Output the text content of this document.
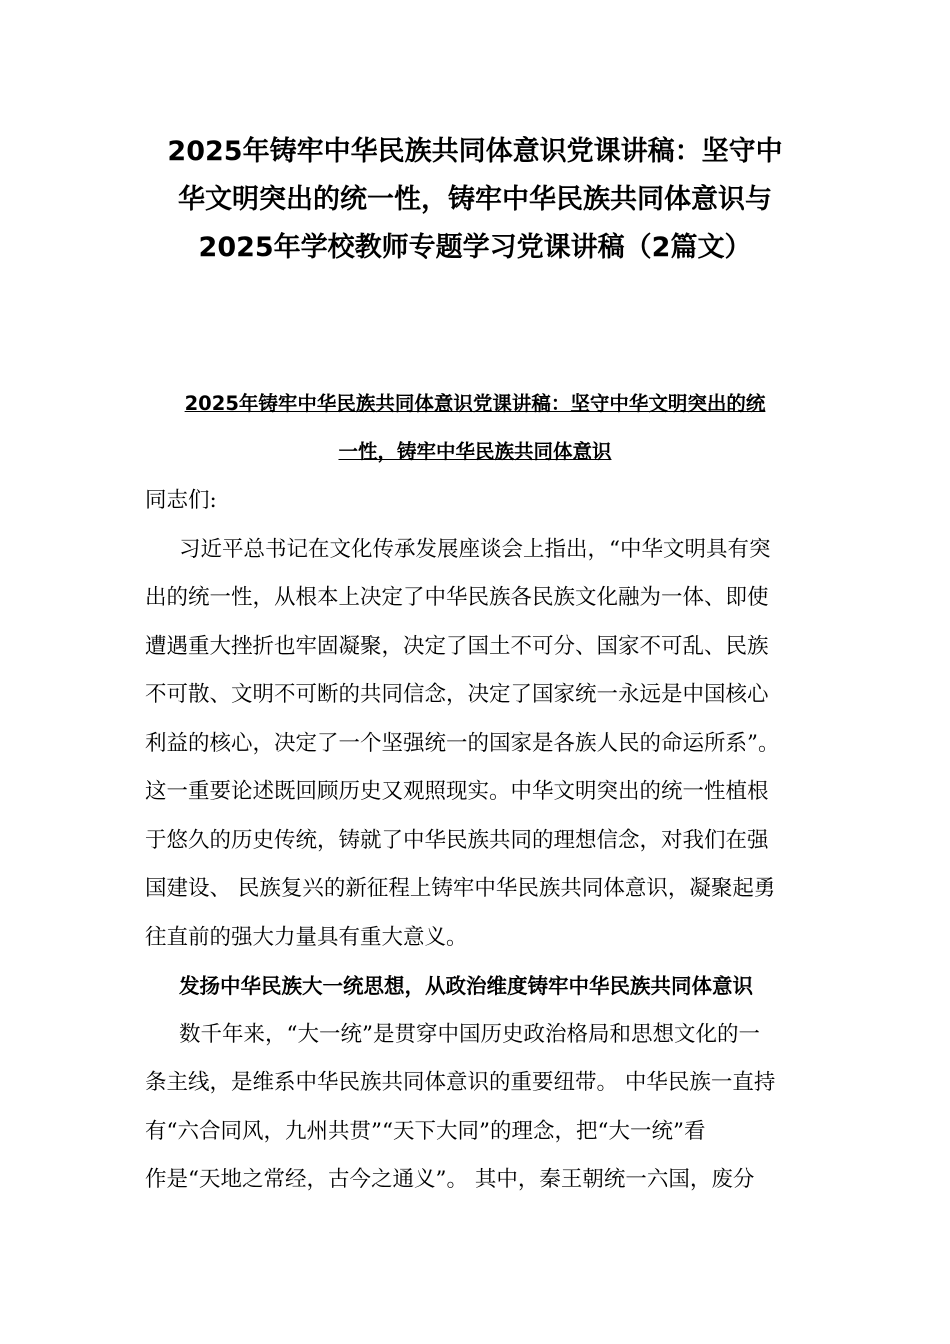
2025年铸牢中华民族共同体意识党课讲稿：坚守中
华文明突出的统一性，铸牢中华民族共同体意识与
2025年学校教师专题学习党课讲稿（2篇文）
2025年铸牢中华民族共同体意识党课讲稿：坚守中华文明突出的统
一性，铸牢中华民族共同体意识

同志们:

习近平总书记在文化传承发展座谈会上指出，“中华文明具有突
出的统一性，从根本上决定了中华民族各民族文化融为一体、即使
遭遇重大挫折也牢固凝聚，决定了国土不可分、国家不可乱、民族
不可散、文明不可断的共同信念，决定了国家统一永远是中国核心
利益的核心，决定了一个坚强统一的国家是各族人民的命运所系”。
这一重要论述既回顾历史又观照现实。中华文明突出的统一性植根
于悠久的历史传统，铸就了中华民族共同的理想信念，对我们在强
国建设、 民族复兴的新征程上铸牢中华民族共同体意识，凝聚起勇
往直前的强大力量具有重大意义。

发扬中华民族大一统思想，从政治维度铸牢中华民族共同体意识

数千年来，“大一统”是贯穿中国历史政治格局和思想文化的一
条主线，是维系中华民族共同体意识的重要纽带。 中华民族一直持
有“六合同风，九州共贯”“天下大同”的理念，把“大一统”看
作是“天地之常经，古今之通义”。 其中，秦王朝统一六国，废分
